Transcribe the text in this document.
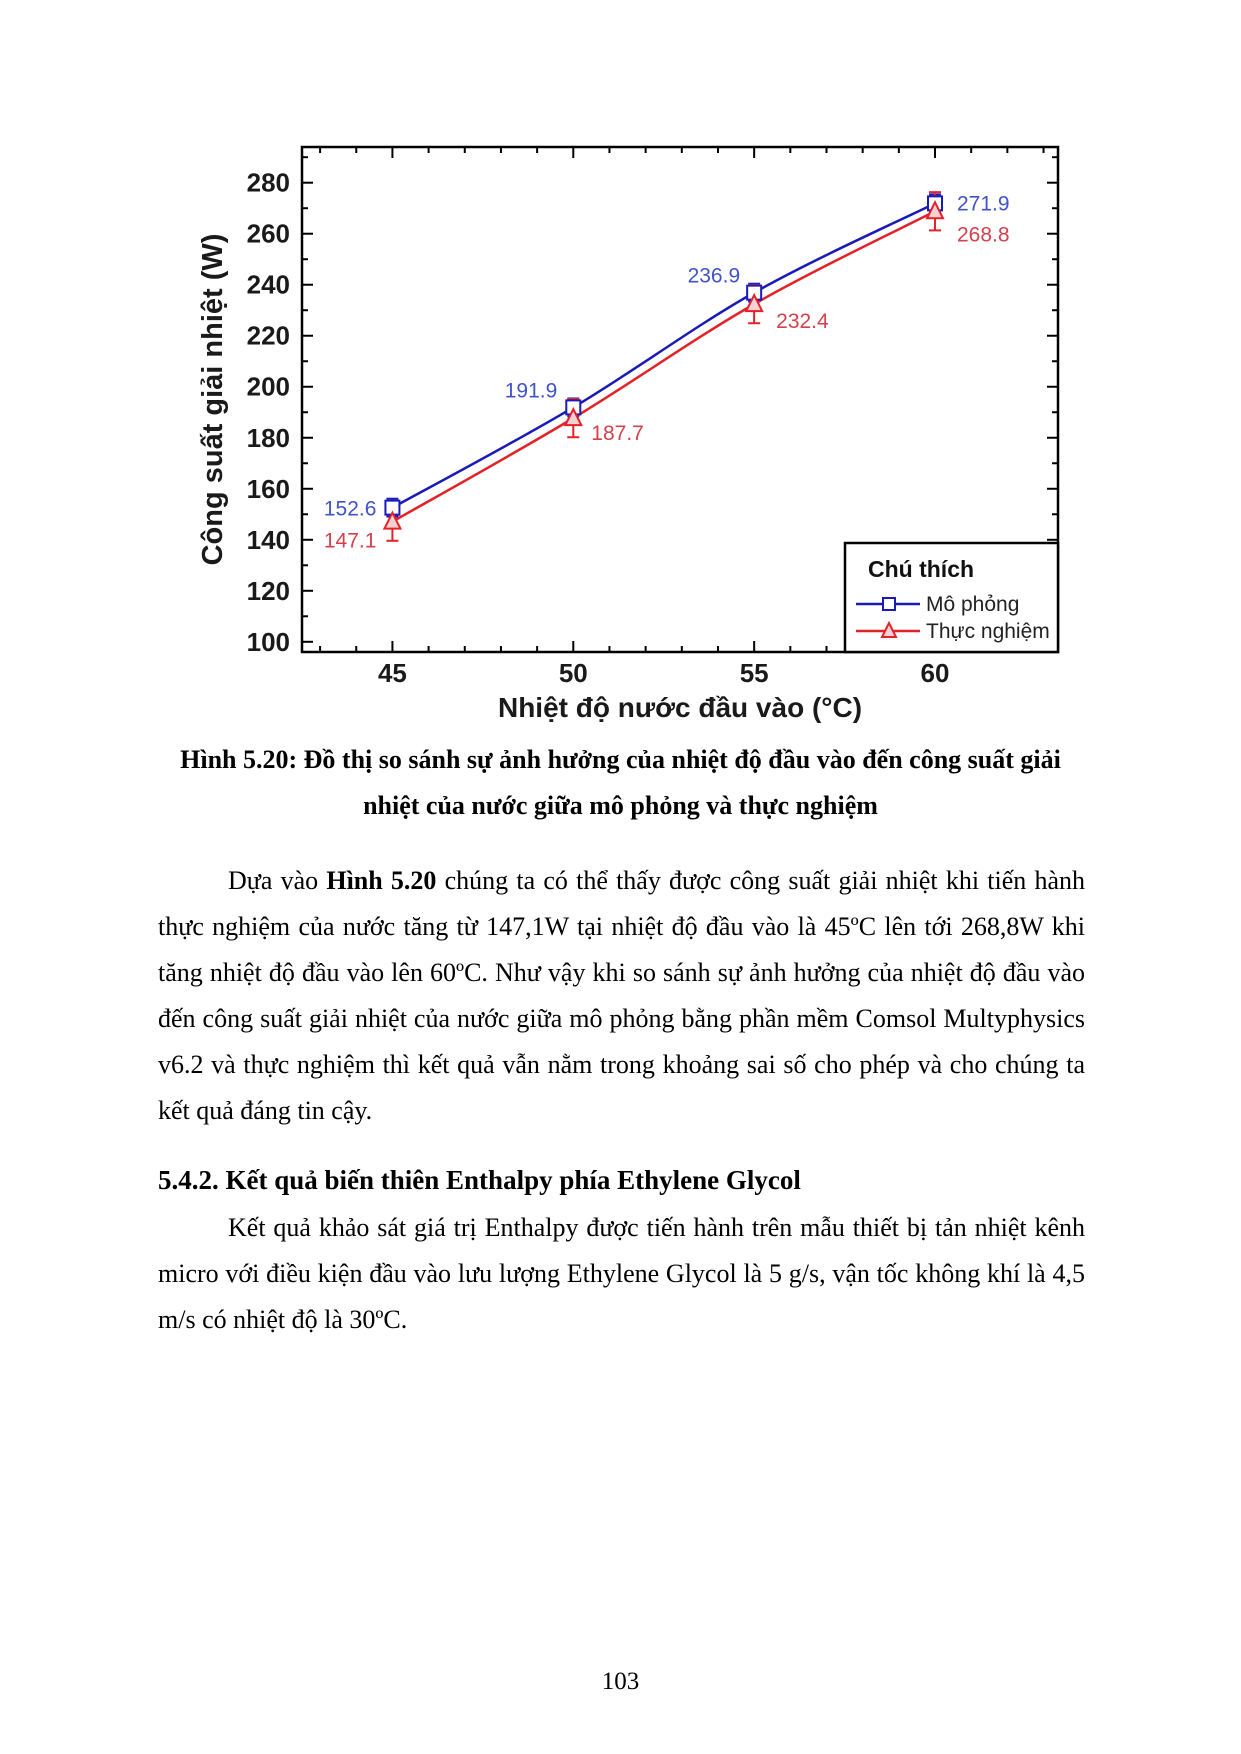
100
120
140
160
180
200
220
240
260
280
45	50	55	60
Nhiệt độ nước đầu vào (°C)
Công suất giải nhiệt (W)	152.6
191.9
236.9
271.9
147.1
187.7
232.4
268.8
Chú thích
Mô phỏng
Thực nghiệm
Hình 5.20: Đồ thị so sánh sự ảnh hưởng của nhiệt độ đầu vào đến công suất giải nhiệt của nước giữa mô phỏng và thực nghiệm

Dựa vào Hình 5.20 chúng ta có thể thấy được công suất giải nhiệt khi tiến hành thực nghiệm của nước tăng từ 147,1W tại nhiệt độ đầu vào là 45ºC lên tới 268,8W khi tăng nhiệt độ đầu vào lên 60ºC. Như vậy khi so sánh sự ảnh hưởng của nhiệt độ đầu vào đến công suất giải nhiệt của nước giữa mô phỏng bằng phần mềm Comsol Multyphysics v6.2 và thực nghiệm thì kết quả vẫn nằm trong khoảng sai số cho phép và cho chúng ta kết quả đáng tin cậy.

5.4.2. Kết quả biến thiên Enthalpy phía Ethylene Glycol

Kết quả khảo sát giá trị Enthalpy được tiến hành trên mẫu thiết bị tản nhiệt kênh micro với điều kiện đầu vào lưu lượng Ethylene Glycol là 5 g/s, vận tốc không khí là 4,5 m/s có nhiệt độ là 30ºC.

103
